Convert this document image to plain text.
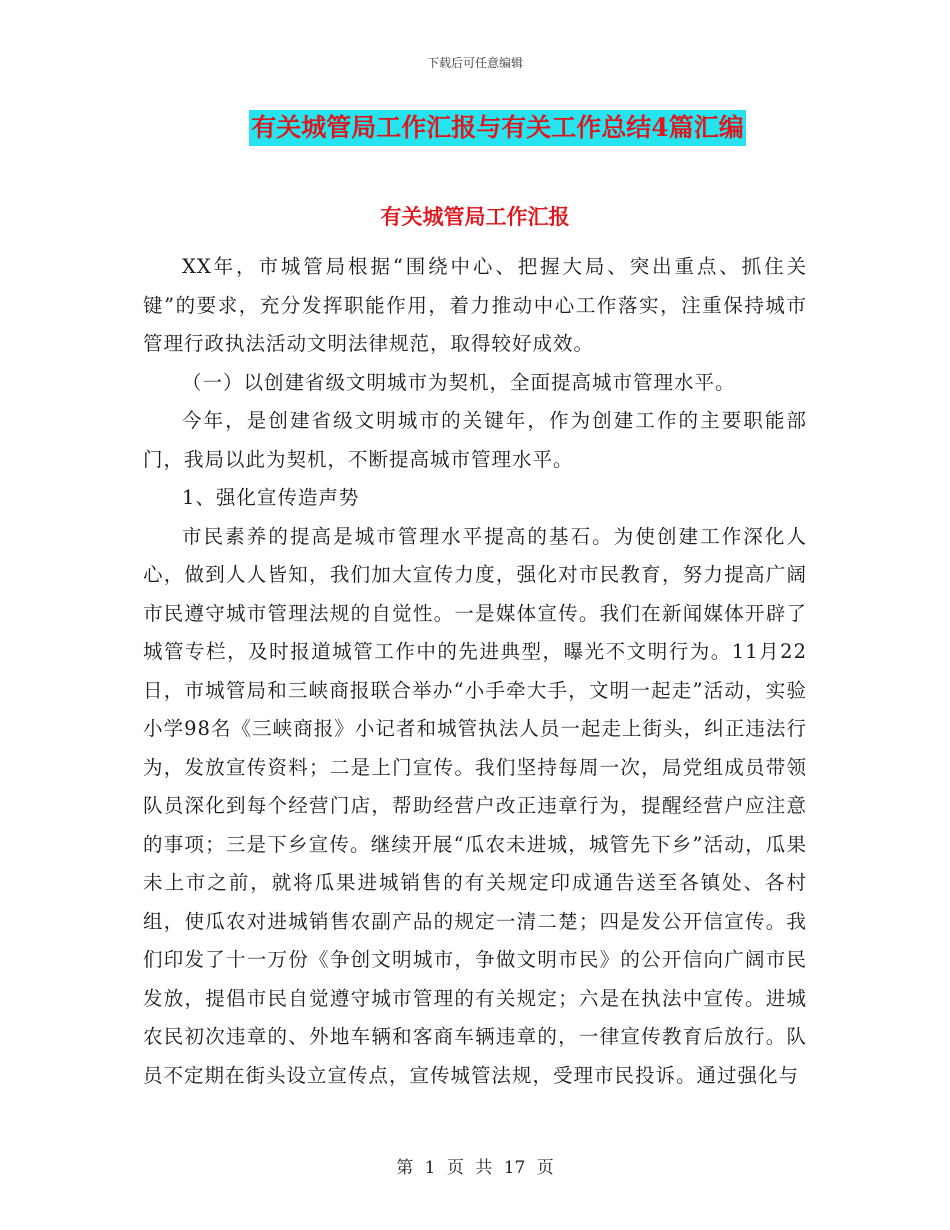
下载后可任意编辑
有关城管局工作汇报与有关工作总结4篇汇编
有关城管局工作汇报

XX年，市城管局根据“围绕中心、把握大局、突出重点、抓住关键”的要求，充分发挥职能作用，着力推动中心工作落实，注重保持城市管理行政执法活动文明法律规范，取得较好成效。

（一）以创建省级文明城市为契机，全面提高城市管理水平。

今年，是创建省级文明城市的关键年，作为创建工作的主要职能部门，我局以此为契机，不断提高城市管理水平。

1、强化宣传造声势

市民素养的提高是城市管理水平提高的基石。为使创建工作深化人心，做到人人皆知，我们加大宣传力度，强化对市民教育，努力提高广阔市民遵守城市管理法规的自觉性。一是媒体宣传。我们在新闻媒体开辟了城管专栏，及时报道城管工作中的先进典型，曝光不文明行为。11月22日，市城管局和三峡商报联合举办“小手牵大手，文明一起走”活动，实验小学98名《三峡商报》小记者和城管执法人员一起走上街头，纠正违法行为，发放宣传资料；二是上门宣传。我们坚持每周一次，局党组成员带领队员深化到每个经营门店，帮助经营户改正违章行为，提醒经营户应注意的事项；三是下乡宣传。继续开展“瓜农未进城，城管先下乡”活动，瓜果未上市之前，就将瓜果进城销售的有关规定印成通告送至各镇处、各村组，使瓜农对进城销售农副产品的规定一清二楚；四是发公开信宣传。我们印发了十一万份《争创文明城市，争做文明市民》的公开信向广阔市民发放，提倡市民自觉遵守城市管理的有关规定；六是在执法中宣传。进城农民初次违章的、外地车辆和客商车辆违章的，一律宣传教育后放行。队员不定期在街头设立宣传点，宣传城管法规，受理市民投诉。通过强化与

第 1 页 共 17 页
